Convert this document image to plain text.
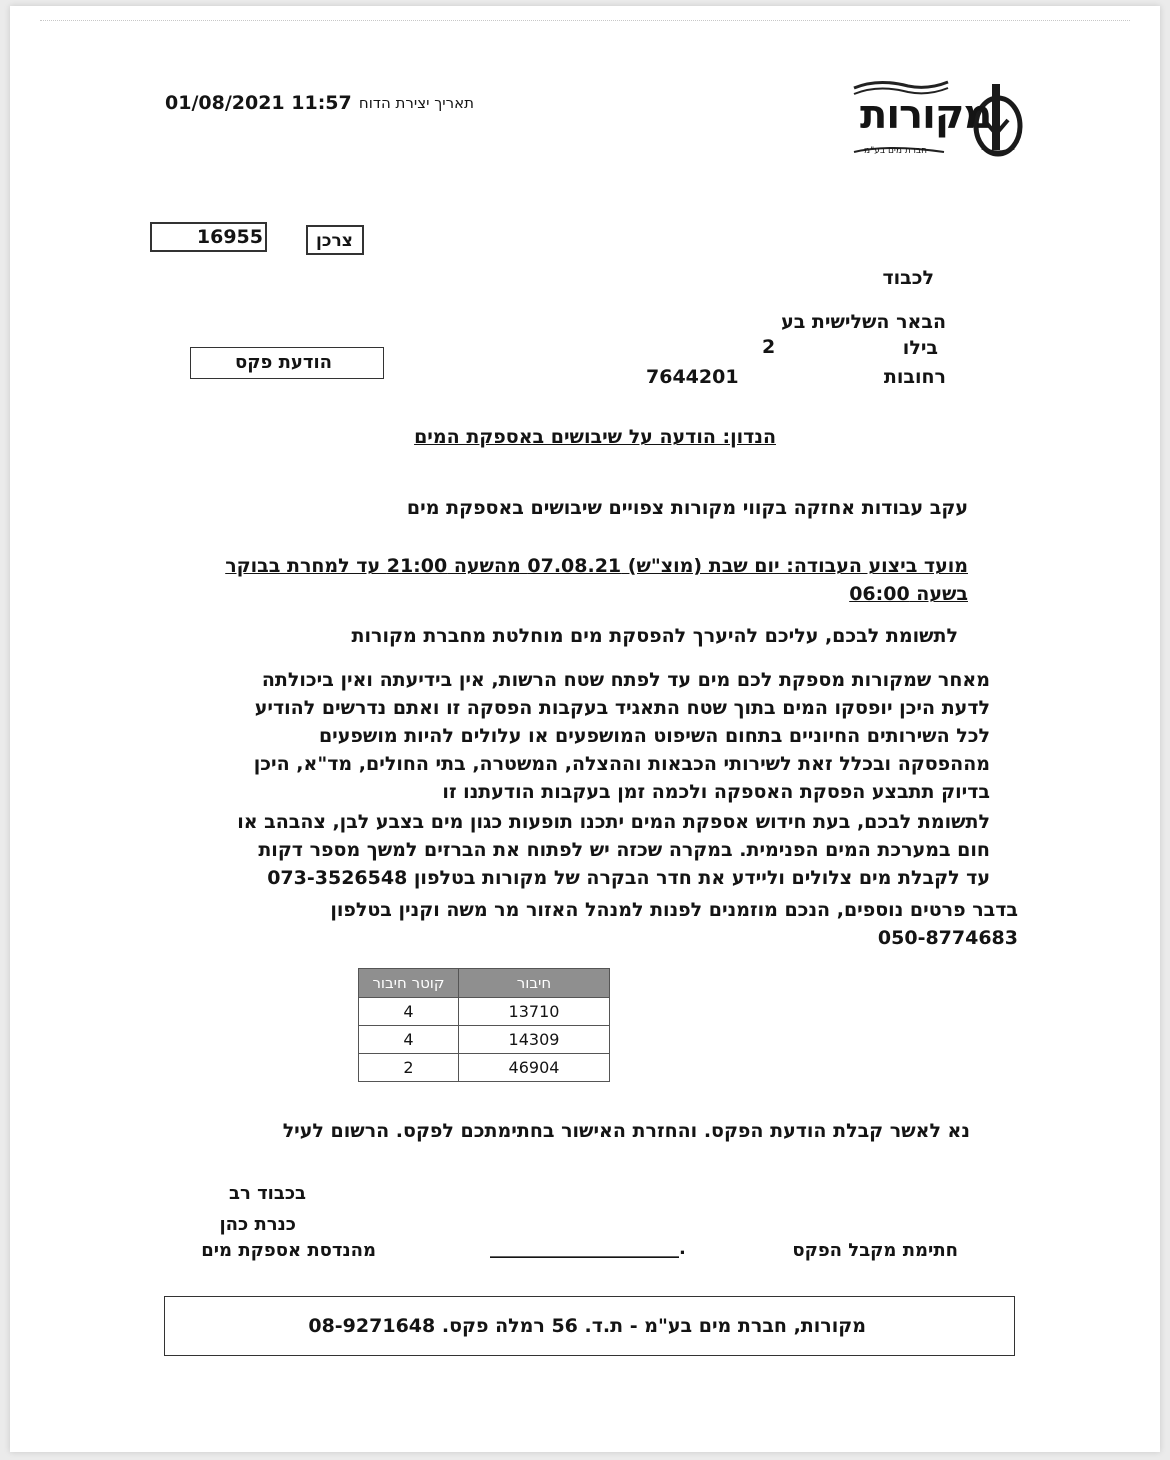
01/08/2021 11:57 תאריך יצירת הדוח	מקורות
חברת מים בע"מ
16955	צרכן
לכבוד
הבאר השלישית בע
בילו
2
רחובות
7644201
הודעת פקס
הנדון: הודעה על שיבושים באספקת המים
עקב עבודות אחזקה בקווי מקורות צפויים שיבושים באספקת מים
מועד ביצוע העבודה: יום שבת (מוצ"ש) 07.08.21 מהשעה 21:00 עד למחרת בבוקר
בשעה 06:00
לתשומת לבכם, עליכם להיערך להפסקת מים מוחלטת מחברת מקורות
מאחר שמקורות מספקת לכם מים עד לפתח שטח הרשות, אין בידיעתה ואין ביכולתה
לדעת היכן יופסקו המים בתוך שטח התאגיד בעקבות הפסקה זו ואתם נדרשים להודיע
לכל השירותים החיוניים בתחום השיפוט המושפעים או עלולים להיות מושפעים
מההפסקה ובכלל זאת לשירותי הכבאות וההצלה, המשטרה, בתי החולים, מד"א, היכן
בדיוק תתבצע הפסקת האספקה ולכמה זמן בעקבות הודעתנו זו
לתשומת לבכם, בעת חידוש אספקת המים יתכנו תופעות כגון מים בצבע לבן, צהבהב או
חום במערכת המים הפנימית. במקרה שכזה יש לפתוח את הברזים למשך מספר דקות
עד לקבלת מים צלולים וליידע את חדר הבקרה של מקורות בטלפון 073-3526548
בדבר פרטים נוספים, הנכם מוזמנים לפנות למנהל האזור מר משה וקנין בטלפון
050-8774683
חיבור	קוטר חיבור
13710	4
14309	4
46904	2
נא לאשר קבלת הודעת הפקס. והחזרת האישור בחתימתכם לפקס. הרשום לעיל
בכבוד רב
כנרת כהן
מהנדסת אספקת מים	_____________________.	חתימת מקבל הפקס
מקורות, חברת מים בע"מ - ת.ד. 56 רמלה פקס. 08-9271648
